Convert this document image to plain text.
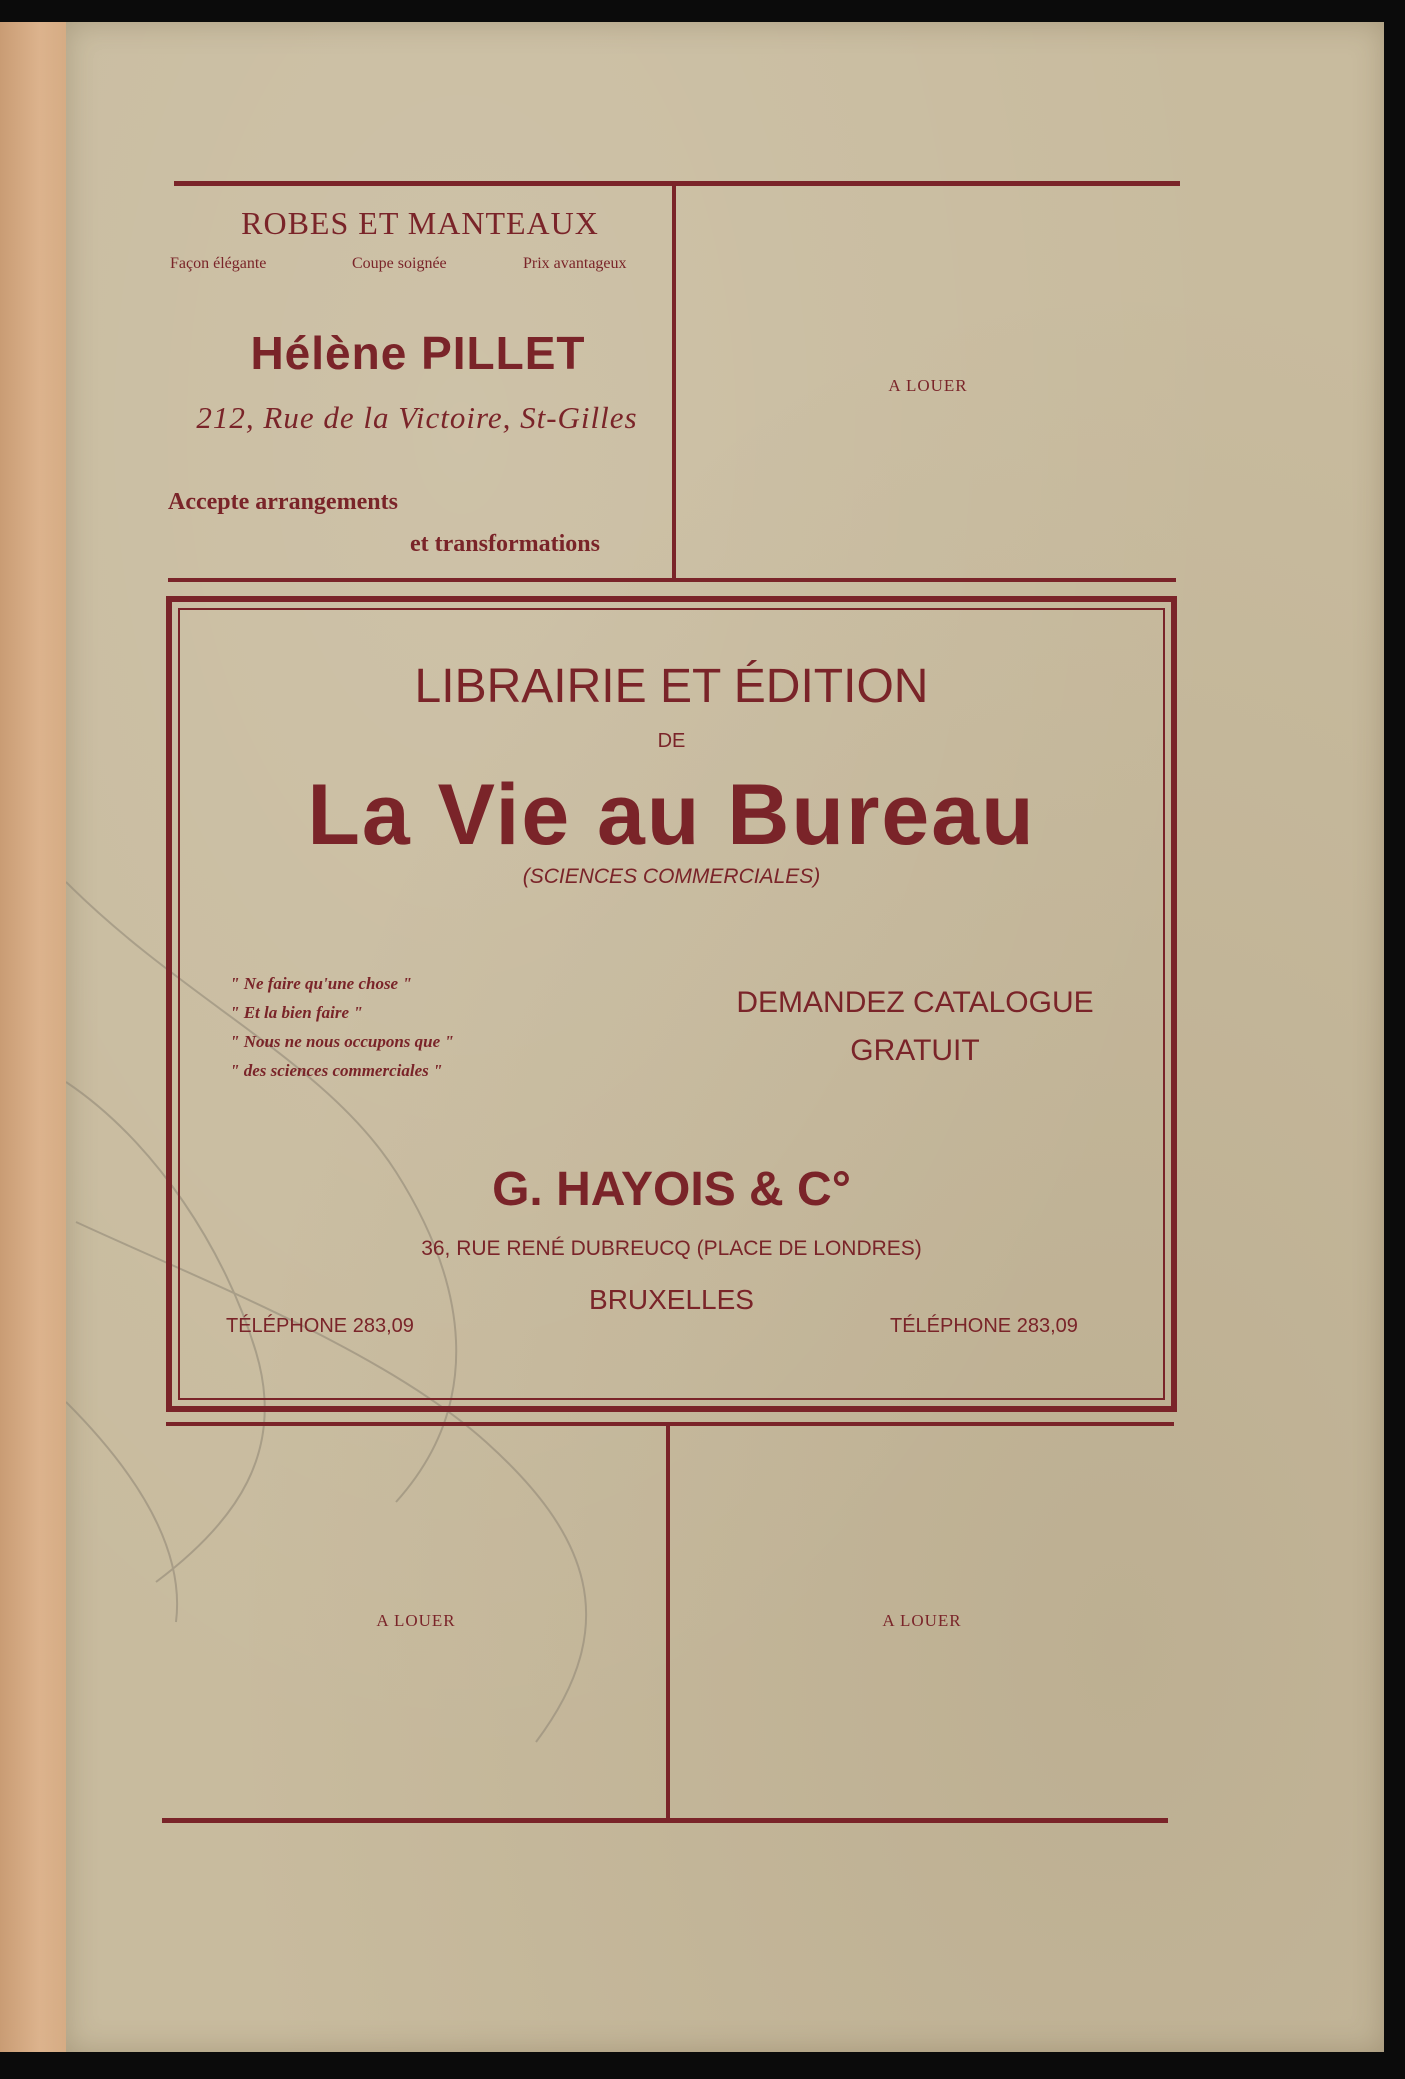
ROBES ET MANTEAUX

Façon élégante	Coupe soignée	Prix avantageux

Hélène PILLET

212, Rue de la Victoire, St-Gilles

Accepte arrangements

et transformations

A LOUER

LIBRAIRIE ET ÉDITION

DE

La Vie au Bureau

(SCIENCES COMMERCIALES)

" Ne faire qu'une chose "

" Et la bien faire "

" Nous ne nous occupons que "

" des sciences commerciales "

DEMANDEZ CATALOGUE

GRATUIT

G. HAYOIS & C°

36, RUE RENÉ DUBREUCQ (PLACE DE LONDRES)

BRUXELLES

TÉLÉPHONE 283,09	TÉLÉPHONE 283,09

A LOUER	A LOUER
